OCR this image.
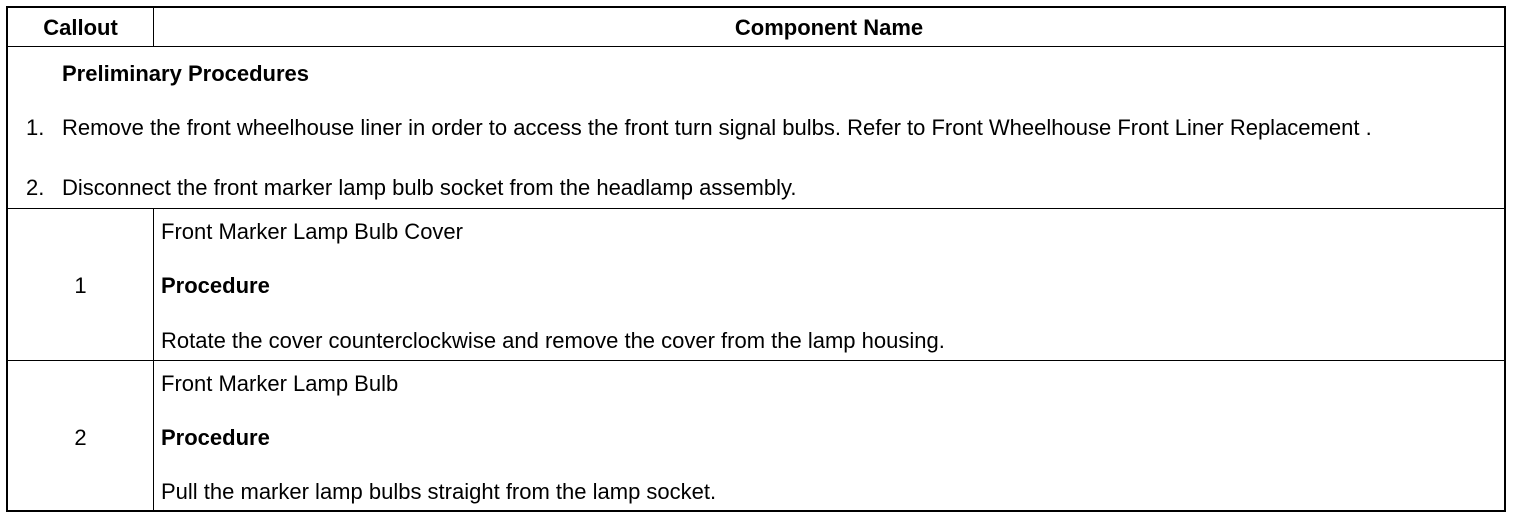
Callout	Component Name
Preliminary Procedures
1. Remove the front wheelhouse liner in order to access the front turn signal bulbs. Refer to Front Wheelhouse Front Liner Replacement .
2. Disconnect the front marker lamp bulb socket from the headlamp assembly.
1
Front Marker Lamp Bulb Cover
Procedure
Rotate the cover counterclockwise and remove the cover from the lamp housing.
2
Front Marker Lamp Bulb
Procedure
Pull the marker lamp bulbs straight from the lamp socket.
